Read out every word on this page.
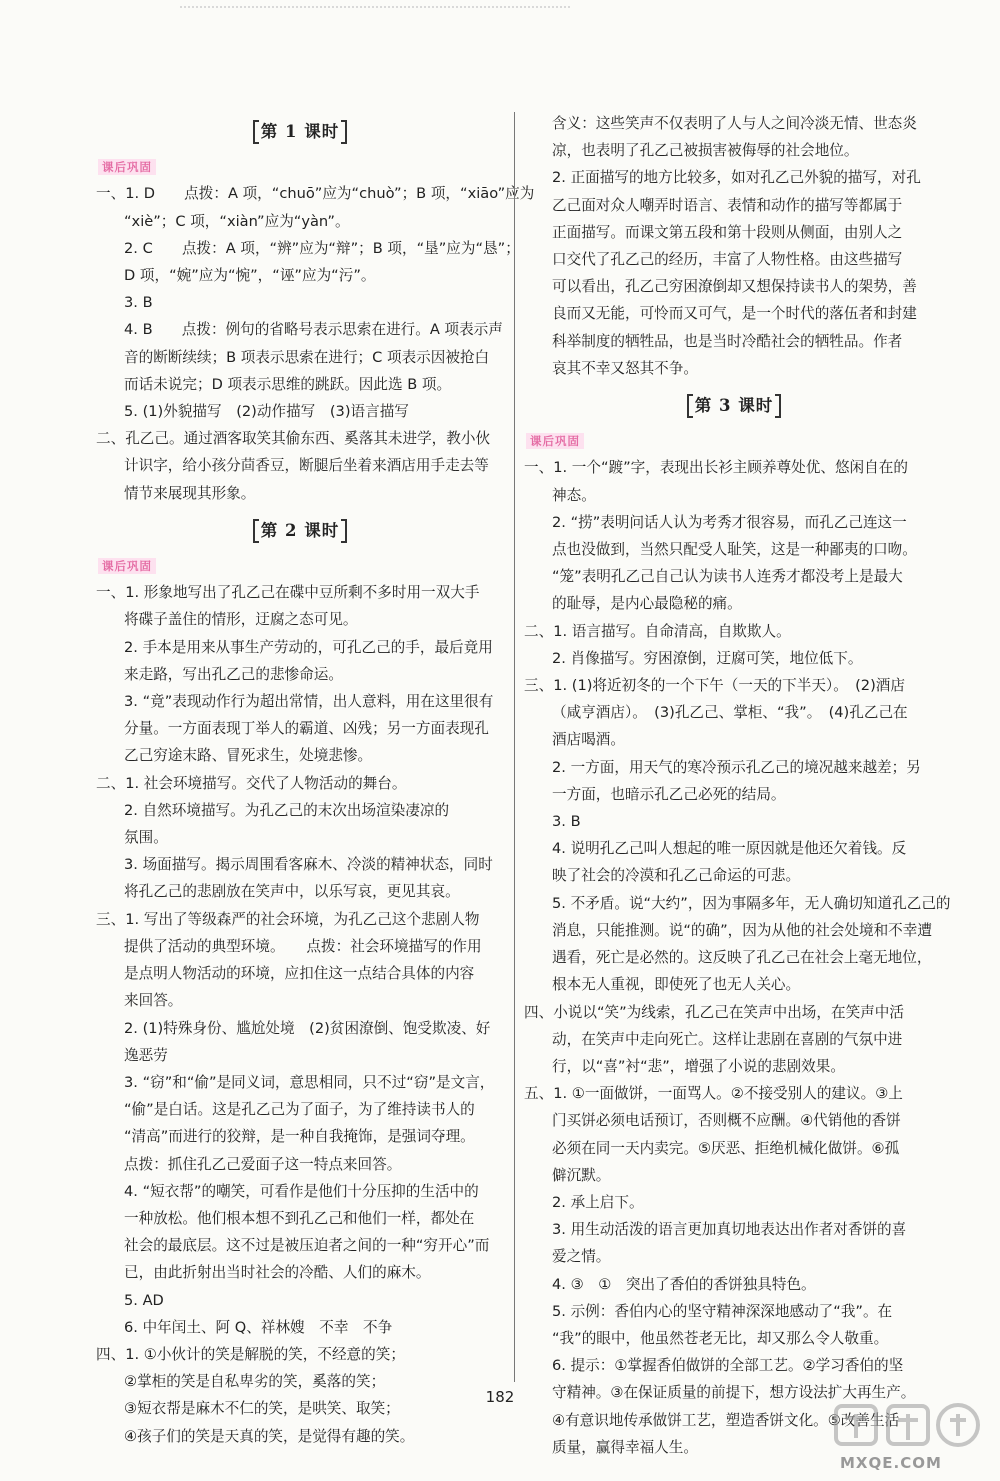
第 1 课时
课后巩固
一、1. D　　点拨：A 项，“chuō”应为“chuò”；B 项，“xiāo”应为
“xiè”；C 项，“xiàn”应为“yàn”。
2. C　　点拨：A 项，“辨”应为“辩”；B 项，“垦”应为“恳”；
D 项，“婉”应为“惋”，“诬”应为“污”。
3. B
4. B　　点拨：例句的省略号表示思索在进行。A 项表示声
音的断断续续；B 项表示思索在进行；C 项表示因被抢白
而话未说完；D 项表示思维的跳跃。因此选 B 项。
5. (1)外貌描写　(2)动作描写　(3)语言描写
二、孔乙己。通过酒客取笑其偷东西、奚落其未进学，教小伙
计识字，给小孩分茴香豆，断腿后坐着来酒店用手走去等
情节来展现其形象。
第 2 课时
课后巩固
一、1. 形象地写出了孔乙己在碟中豆所剩不多时用一双大手
将碟子盖住的情形，迂腐之态可见。
2. 手本是用来从事生产劳动的，可孔乙己的手，最后竟用
来走路，写出孔乙己的悲惨命运。
3. “竟”表现动作行为超出常情，出人意料，用在这里很有
分量。一方面表现丁举人的霸道、凶残；另一方面表现孔
乙己穷途末路、冒死求生，处境悲惨。
二、1. 社会环境描写。交代了人物活动的舞台。
2. 自然环境描写。为孔乙己的末次出场渲染凄凉的
氛围。
3. 场面描写。揭示周围看客麻木、冷淡的精神状态，同时
将孔乙己的悲剧放在笑声中，以乐写哀，更见其哀。
三、1. 写出了等级森严的社会环境，为孔乙己这个悲剧人物
提供了活动的典型环境。　　点拨：社会环境描写的作用
是点明人物活动的环境，应扣住这一点结合具体的内容
来回答。
2. (1)特殊身份、尴尬处境　(2)贫困潦倒、饱受欺凌、好
逸恶劳
3. “窃”和“偷”是同义词，意思相同，只不过“窃”是文言，
“偷”是白话。这是孔乙己为了面子，为了维持读书人的
“清高”而进行的狡辩，是一种自我掩饰，是强词夺理。
点拨：抓住孔乙己爱面子这一特点来回答。
4. “短衣帮”的嘲笑，可看作是他们十分压抑的生活中的
一种放松。他们根本想不到孔乙己和他们一样，都处在
社会的最底层。这不过是被压迫者之间的一种“穷开心”而
已，由此折射出当时社会的冷酷、人们的麻木。
5. AD
6. 中年闰土、阿 Q、祥林嫂　不幸　不争
四、1. ①小伙计的笑是解脱的笑，不经意的笑；
②掌柜的笑是自私卑劣的笑，奚落的笑；
③短衣帮是麻木不仁的笑，是哄笑、取笑；
④孩子们的笑是天真的笑，是觉得有趣的笑。
含义：这些笑声不仅表明了人与人之间冷淡无情、世态炎
凉，也表明了孔乙己被损害被侮辱的社会地位。
2. 正面描写的地方比较多，如对孔乙己外貌的描写，对孔
乙己面对众人嘲弄时语言、表情和动作的描写等都属于
正面描写。而课文第五段和第十段则从侧面，由别人之
口交代了孔乙己的经历，丰富了人物性格。由这些描写
可以看出，孔乙己穷困潦倒却又想保持读书人的架势，善
良而又无能，可怜而又可气，是一个时代的落伍者和封建
科举制度的牺牲品，也是当时冷酷社会的牺牲品。作者
哀其不幸又怒其不争。
第 3 课时
课后巩固
一、1. 一个“踱”字，表现出长衫主顾养尊处优、悠闲自在的
神态。
2. “捞”表明问话人认为考秀才很容易，而孔乙己连这一
点也没做到，当然只配受人耻笑，这是一种鄙夷的口吻。
“笼”表明孔乙己自己认为读书人连秀才都没考上是最大
的耻辱，是内心最隐秘的痛。
二、1. 语言描写。自命清高，自欺欺人。
2. 肖像描写。穷困潦倒，迂腐可笑，地位低下。
三、1. (1)将近初冬的一个下午（一天的下半天）。　(2)酒店
（咸亨酒店）。　(3)孔乙己、掌柜、“我”。　(4)孔乙己在
酒店喝酒。
2. 一方面，用天气的寒冷预示孔乙己的境况越来越差；另
一方面，也暗示孔乙己必死的结局。
3. B
4. 说明孔乙己叫人想起的唯一原因就是他还欠着钱。反
映了社会的冷漠和孔乙己命运的可悲。
5. 不矛盾。说“大约”，因为事隔多年，无人确切知道孔乙己的
消息，只能推测。说“的确”，因为从他的社会处境和不幸遭
遇看，死亡是必然的。这反映了孔乙己在社会上毫无地位，
根本无人重视，即使死了也无人关心。
四、小说以“笑”为线索，孔乙己在笑声中出场，在笑声中活
动，在笑声中走向死亡。这样让悲剧在喜剧的气氛中进
行，以“喜”衬“悲”，增强了小说的悲剧效果。
五、1. ①一面做饼，一面骂人。②不接受别人的建议。③上
门买饼必须电话预订，否则概不应酬。④代销他的香饼
必须在同一天内卖完。⑤厌恶、拒绝机械化做饼。⑥孤
僻沉默。
2. 承上启下。
3. 用生动活泼的语言更加真切地表达出作者对香饼的喜
爱之情。
4. ③　①　突出了香伯的香饼独具特色。
5. 示例：香伯内心的坚守精神深深地感动了“我”。在
“我”的眼中，他虽然苍老无比，却又那么令人敬重。
6. 提示：①掌握香伯做饼的全部工艺。②学习香伯的坚
守精神。③在保证质量的前提下，想方设法扩大再生产。
④有意识地传承做饼工艺，塑造香饼文化。⑤改善生活
质量，赢得幸福人生。
182
MXQE.COM
